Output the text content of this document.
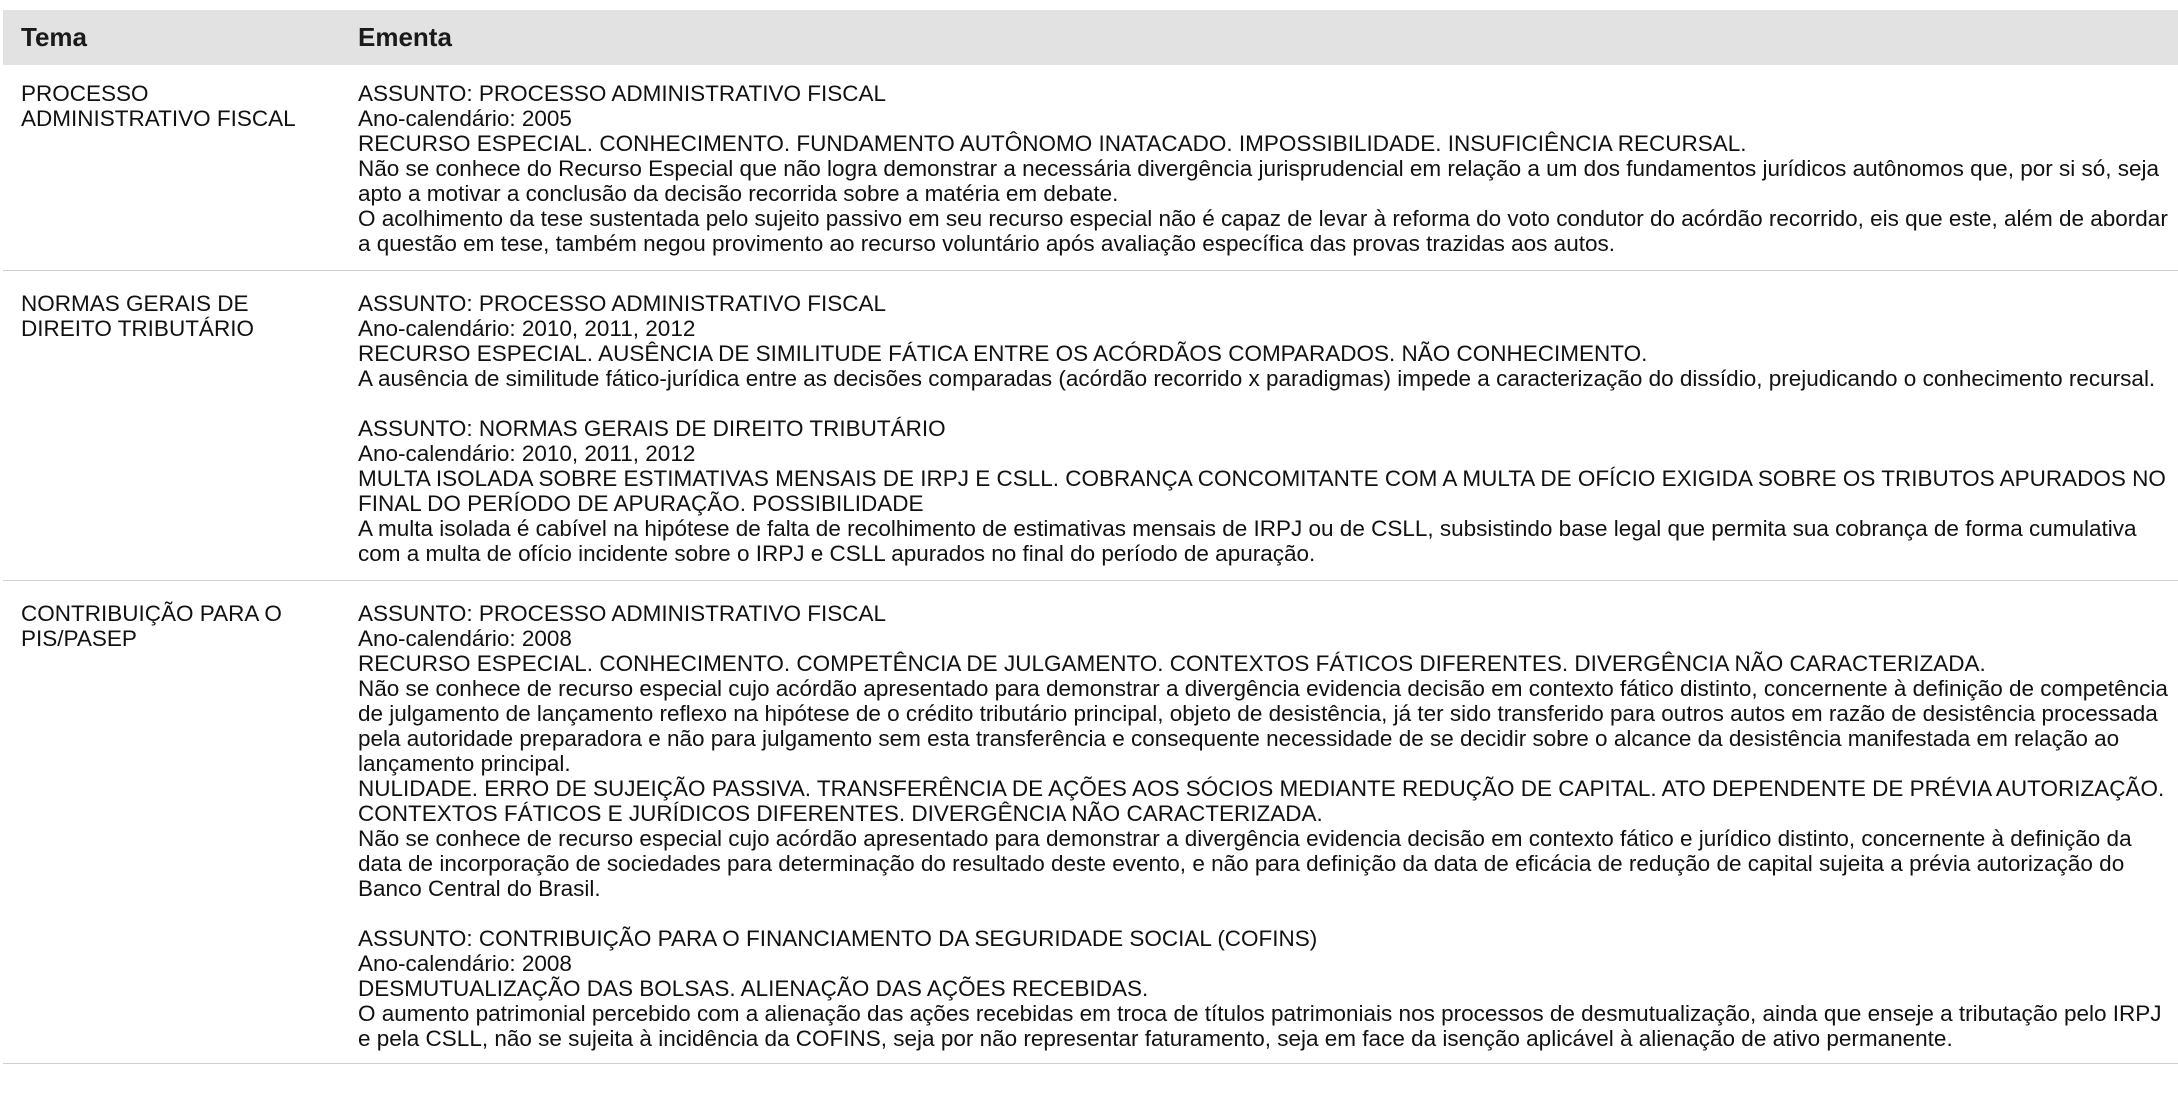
Tema	Ementa
PROCESSO ADMINISTRATIVO FISCAL
ASSUNTO: PROCESSO ADMINISTRATIVO FISCAL
Ano-calendário: 2005
RECURSO ESPECIAL. CONHECIMENTO. FUNDAMENTO AUTÔNOMO INATACADO. IMPOSSIBILIDADE. INSUFICIÊNCIA RECURSAL.
Não se conhece do Recurso Especial que não logra demonstrar a necessária divergência jurisprudencial em relação a um dos fundamentos jurídicos autônomos que, por si só, seja apto a motivar a conclusão da decisão recorrida sobre a matéria em debate.
O acolhimento da tese sustentada pelo sujeito passivo em seu recurso especial não é capaz de levar à reforma do voto condutor do acórdão recorrido, eis que este, além de abordar a questão em tese, também negou provimento ao recurso voluntário após avaliação específica das provas trazidas aos autos.
NORMAS GERAIS DE DIREITO TRIBUTÁRIO
ASSUNTO: PROCESSO ADMINISTRATIVO FISCAL
Ano-calendário: 2010, 2011, 2012
RECURSO ESPECIAL. AUSÊNCIA DE SIMILITUDE FÁTICA ENTRE OS ACÓRDÃOS COMPARADOS. NÃO CONHECIMENTO.
A ausência de similitude fático-jurídica entre as decisões comparadas (acórdão recorrido x paradigmas) impede a caracterização do dissídio, prejudicando o conhecimento recursal.
ASSUNTO: NORMAS GERAIS DE DIREITO TRIBUTÁRIO
Ano-calendário: 2010, 2011, 2012
MULTA ISOLADA SOBRE ESTIMATIVAS MENSAIS DE IRPJ E CSLL. COBRANÇA CONCOMITANTE COM A MULTA DE OFÍCIO EXIGIDA SOBRE OS TRIBUTOS APURADOS NO FINAL DO PERÍODO DE APURAÇÃO. POSSIBILIDADE
A multa isolada é cabível na hipótese de falta de recolhimento de estimativas mensais de IRPJ ou de CSLL, subsistindo base legal que permita sua cobrança de forma cumulativa com a multa de ofício incidente sobre o IRPJ e CSLL apurados no final do período de apuração.
CONTRIBUIÇÃO PARA O PIS/PASEP
ASSUNTO: PROCESSO ADMINISTRATIVO FISCAL
Ano-calendário: 2008
RECURSO ESPECIAL. CONHECIMENTO. COMPETÊNCIA DE JULGAMENTO. CONTEXTOS FÁTICOS DIFERENTES. DIVERGÊNCIA NÃO CARACTERIZADA.
Não se conhece de recurso especial cujo acórdão apresentado para demonstrar a divergência evidencia decisão em contexto fático distinto, concernente à definição de competência de julgamento de lançamento reflexo na hipótese de o crédito tributário principal, objeto de desistência, já ter sido transferido para outros autos em razão de desistência processada pela autoridade preparadora e não para julgamento sem esta transferência e consequente necessidade de se decidir sobre o alcance da desistência manifestada em relação ao lançamento principal.
NULIDADE. ERRO DE SUJEIÇÃO PASSIVA. TRANSFERÊNCIA DE AÇÕES AOS SÓCIOS MEDIANTE REDUÇÃO DE CAPITAL. ATO DEPENDENTE DE PRÉVIA AUTORIZAÇÃO. CONTEXTOS FÁTICOS E JURÍDICOS DIFERENTES. DIVERGÊNCIA NÃO CARACTERIZADA.
Não se conhece de recurso especial cujo acórdão apresentado para demonstrar a divergência evidencia decisão em contexto fático e jurídico distinto, concernente à definição da data de incorporação de sociedades para determinação do resultado deste evento, e não para definição da data de eficácia de redução de capital sujeita a prévia autorização do Banco Central do Brasil.
ASSUNTO: CONTRIBUIÇÃO PARA O FINANCIAMENTO DA SEGURIDADE SOCIAL (COFINS)
Ano-calendário: 2008
DESMUTUALIZAÇÃO DAS BOLSAS. ALIENAÇÃO DAS AÇÕES RECEBIDAS.
O aumento patrimonial percebido com a alienação das ações recebidas em troca de títulos patrimoniais nos processos de desmutualização, ainda que enseje a tributação pelo IRPJ e pela CSLL, não se sujeita à incidência da COFINS, seja por não representar faturamento, seja em face da isenção aplicável à alienação de ativo permanente.
